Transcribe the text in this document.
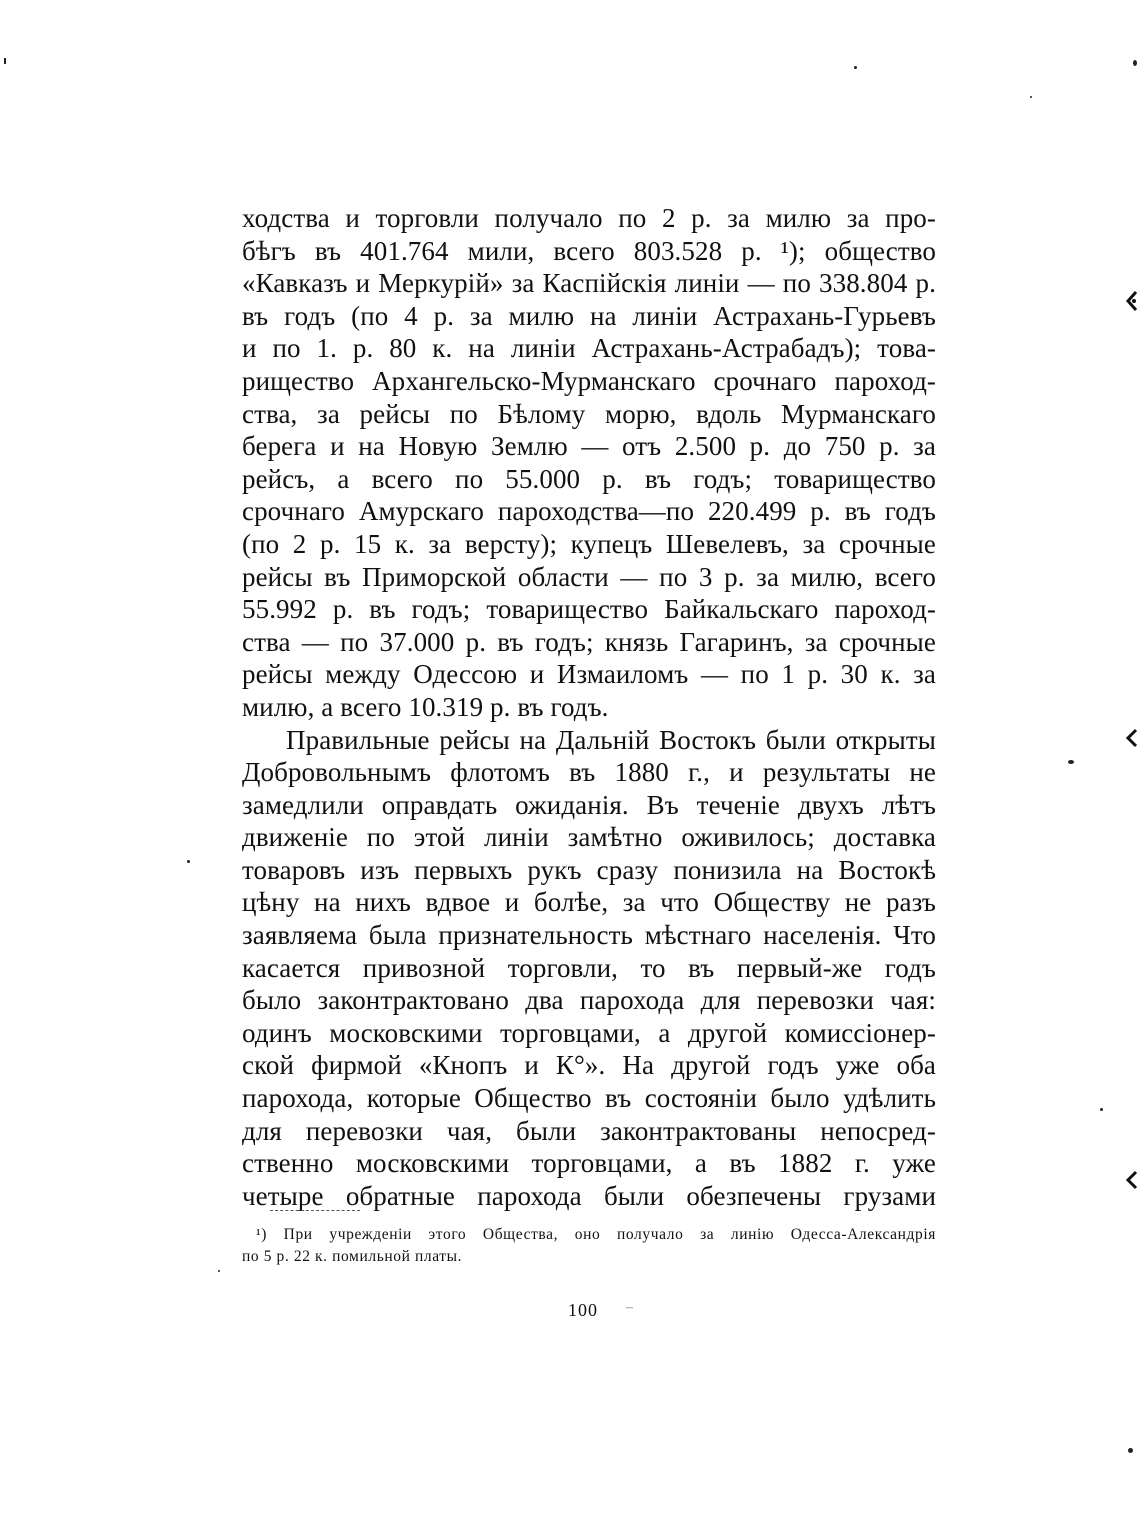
ходства и торговли получало по 2 р. за милю за про-
бѣгъ въ 401.764 мили, всего 803.528 р. ¹); общество
«Кавказъ и Меркурій» за Каспійскія линіи — по 338.804 р.
въ годъ (по 4 р. за милю на линіи Астрахань-Гурьевъ
и по 1. р. 80 к. на линіи Астрахань-Астрабадъ); това-
рищество Архангельско-Мурманскаго срочнаго пароход-
ства, за рейсы по Бѣлому морю, вдоль Мурманскаго
берега и на Новую Землю — отъ 2.500 р. до 750 р. за
рейсъ, а всего по 55.000 р. въ годъ; товарищество
срочнаго Амурскаго пароходства—по 220.499 р. въ годъ
(по 2 р. 15 к. за версту); купецъ Шевелевъ, за срочные
рейсы въ Приморской области — по 3 р. за милю, всего
55.992 р. въ годъ; товарищество Байкальскаго пароход-
ства — по 37.000 р. въ годъ; князь Гагаринъ, за срочные
рейсы между Одессою и Измаиломъ — по 1 р. 30 к. за
милю, а всего 10.319 р. въ годъ.
Правильные рейсы на Дальній Востокъ были открыты
Добровольнымъ флотомъ въ 1880 г., и результаты не
замедлили оправдать ожиданія. Въ теченіе двухъ лѣтъ
движеніе по этой линіи замѣтно оживилось; доставка
товаровъ изъ первыхъ рукъ сразу понизила на Востокѣ
цѣну на нихъ вдвое и болѣе, за что Обществу не разъ
заявляема была признательность мѣстнаго населенія. Что
касается привозной торговли, то въ первый-же годъ
было законтрактовано два парохода для перевозки чая:
одинъ московскими торговцами, а другой комиссіонер-
ской фирмой «Кнопъ и К°». На другой годъ уже оба
парохода, которые Общество въ состояніи было удѣлить
для перевозки чая, были законтрактованы непосред-
ственно московскими торговцами, а въ 1882 г. уже
четыре обратные парохода были обезпечены грузами
¹) При учрежденіи этого Общества, оно получало за линію Одесса-Александрія
по 5 р. 22 к. помильной платы.
100 –
